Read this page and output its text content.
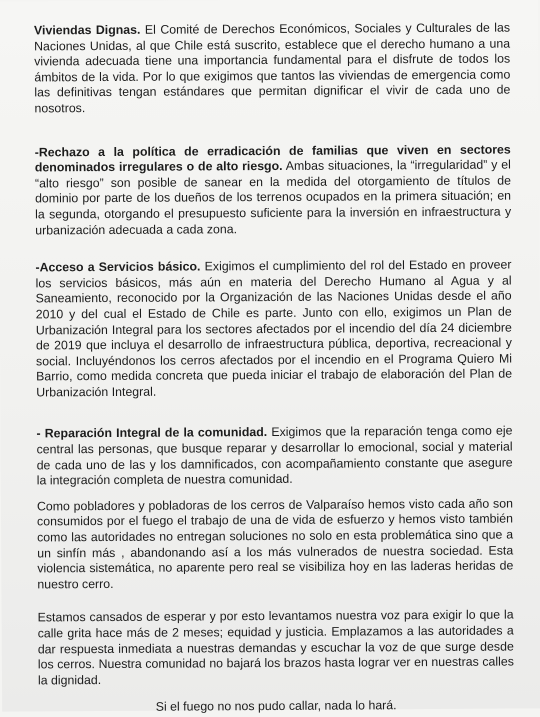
Viviendas Dignas. El Comité de Derechos Económicos, Sociales y Culturales de las Naciones Unidas, al que Chile está suscrito, establece que el derecho humano a una vivienda adecuada tiene una importancia fundamental para el disfrute de todos los ámbitos de la vida. Por lo que exigimos que tantos las viviendas de emergencia como las definitivas tengan estándares que permitan dignificar el vivir de cada uno de nosotros.

-Rechazo a la política de erradicación de familias que viven en sectores denominados irregulares o de alto riesgo. Ambas situaciones, la “irregularidad” y el “alto riesgo” son posible de sanear en la medida del otorgamiento de títulos de dominio por parte de los dueños de los terrenos ocupados en la primera situación; en la segunda, otorgando el presupuesto suficiente para la inversión en infraestructura y urbanización adecuada a cada zona.

-Acceso a Servicios básico. Exigimos el cumplimiento del rol del Estado en proveer los servicios básicos, más aún en materia del Derecho Humano al Agua y al Saneamiento, reconocido por la Organización de las Naciones Unidas desde el año 2010 y del cual el Estado de Chile es parte. Junto con ello, exigimos un Plan de Urbanización Integral para los sectores afectados por el incendio del día 24 diciembre de 2019 que incluya el desarrollo de infraestructura pública, deportiva, recreacional y social. Incluyéndonos los cerros afectados por el incendio en el Programa Quiero Mi Barrio, como medida concreta que pueda iniciar el trabajo de elaboración del Plan de Urbanización Integral.

- Reparación Integral de la comunidad. Exigimos que la reparación tenga como eje central las personas, que busque reparar y desarrollar lo emocional, social y material de cada uno de las y los damnificados, con acompañamiento constante que asegure la integración completa de nuestra comunidad.

Como pobladores y pobladoras de los cerros de Valparaíso hemos visto cada año son consumidos por el fuego el trabajo de una de vida de esfuerzo y hemos visto también como las autoridades no entregan soluciones no solo en esta problemática sino que a un sinfín más , abandonando así a los más vulnerados de nuestra sociedad. Esta violencia sistemática, no aparente pero real se visibiliza hoy en las laderas heridas de nuestro cerro.

Estamos cansados de esperar y por esto levantamos nuestra voz para exigir lo que la calle grita hace más de 2 meses; equidad y justicia. Emplazamos a las autoridades a dar respuesta inmediata a nuestras demandas y escuchar la voz de que surge desde los cerros. Nuestra comunidad no bajará los brazos hasta lograr ver en nuestras calles la dignidad.

Si el fuego no nos pudo callar, nada lo hará.
